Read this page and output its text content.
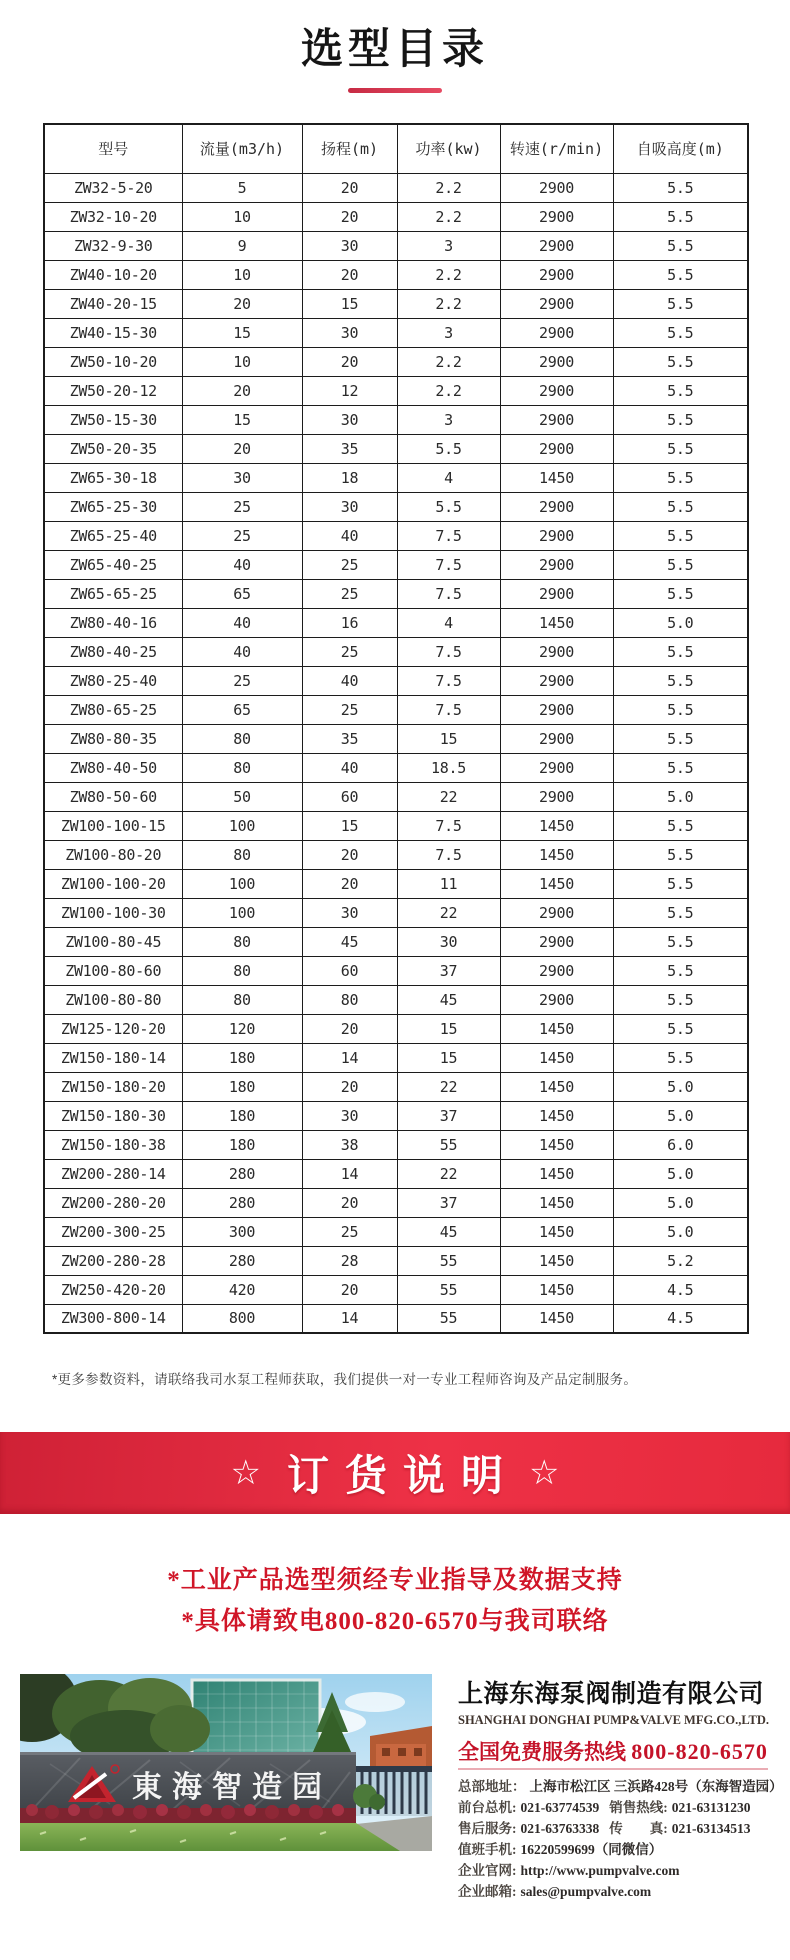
选型目录
型号	流量(m3/h)	扬程(m)	功率(kw)	转速(r/min)	自吸高度(m)
ZW32-5-20	5	20	2.2	2900	5.5
ZW32-10-20	10	20	2.2	2900	5.5
ZW32-9-30	9	30	3	2900	5.5
ZW40-10-20	10	20	2.2	2900	5.5
ZW40-20-15	20	15	2.2	2900	5.5
ZW40-15-30	15	30	3	2900	5.5
ZW50-10-20	10	20	2.2	2900	5.5
ZW50-20-12	20	12	2.2	2900	5.5
ZW50-15-30	15	30	3	2900	5.5
ZW50-20-35	20	35	5.5	2900	5.5
ZW65-30-18	30	18	4	1450	5.5
ZW65-25-30	25	30	5.5	2900	5.5
ZW65-25-40	25	40	7.5	2900	5.5
ZW65-40-25	40	25	7.5	2900	5.5
ZW65-65-25	65	25	7.5	2900	5.5
ZW80-40-16	40	16	4	1450	5.0
ZW80-40-25	40	25	7.5	2900	5.5
ZW80-25-40	25	40	7.5	2900	5.5
ZW80-65-25	65	25	7.5	2900	5.5
ZW80-80-35	80	35	15	2900	5.5
ZW80-40-50	80	40	18.5	2900	5.5
ZW80-50-60	50	60	22	2900	5.0
ZW100-100-15	100	15	7.5	1450	5.5
ZW100-80-20	80	20	7.5	1450	5.5
ZW100-100-20	100	20	11	1450	5.5
ZW100-100-30	100	30	22	2900	5.5
ZW100-80-45	80	45	30	2900	5.5
ZW100-80-60	80	60	37	2900	5.5
ZW100-80-80	80	80	45	2900	5.5
ZW125-120-20	120	20	15	1450	5.5
ZW150-180-14	180	14	15	1450	5.5
ZW150-180-20	180	20	22	1450	5.0
ZW150-180-30	180	30	37	1450	5.0
ZW150-180-38	180	38	55	1450	6.0
ZW200-280-14	280	14	22	1450	5.0
ZW200-280-20	280	20	37	1450	5.0
ZW200-300-25	300	25	45	1450	5.0
ZW200-280-28	280	28	55	1450	5.2
ZW250-420-20	420	20	55	1450	4.5
ZW300-800-14	800	14	55	1450	4.5

*更多参数资料，请联络我司水泵工程师获取，我们提供一对一专业工程师咨询及产品定制服务。

☆ 订货说明 ☆
*工业产品选型须经专业指导及数据支持
*具体请致电800-820-6570与我司联络
東海智造园
上海东海泵阀制造有限公司
SHANGHAI DONGHAI PUMP&VALVE MFG.CO.,LTD.
全国免费服务热线 800-820-6570
总部地址： 上海市松江区 三浜路428号（东海智造园）
前台总机: 021-63774539 销售热线: 021-63131230
售后服务: 021-63763338 传　　真: 021-63134513
值班手机: 16220599699（同微信）
企业官网: http://www.pumpvalve.com
企业邮箱: sales@pumpvalve.com
